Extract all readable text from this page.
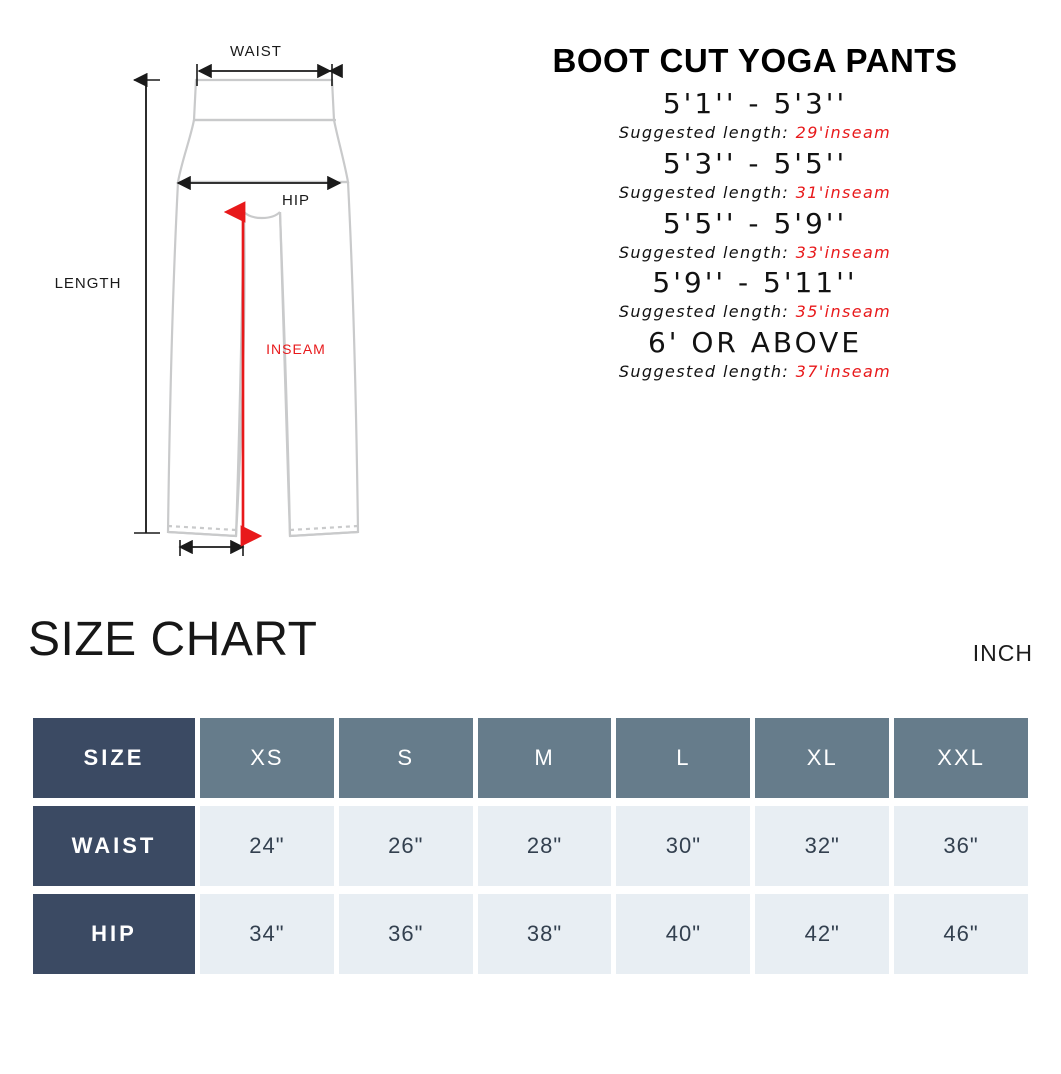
WAIST
HIP
LENGTH
INSEAM
BOOT CUT YOGA PANTS
5'1'' - 5'3''
Suggested length: 29'inseam
5'3'' - 5'5''
Suggested length: 31'inseam
5'5'' - 5'9''
Suggested length: 33'inseam
5'9'' - 5'11''
Suggested length: 35'inseam
6' OR ABOVE
Suggested length: 37'inseam
SIZE CHART	INCH
SIZE	XS	S	M	L	XL	XXL
WAIST	24"	26"	28"	30"	32"	36"
HIP	34"	36"	38"	40"	42"	46"
